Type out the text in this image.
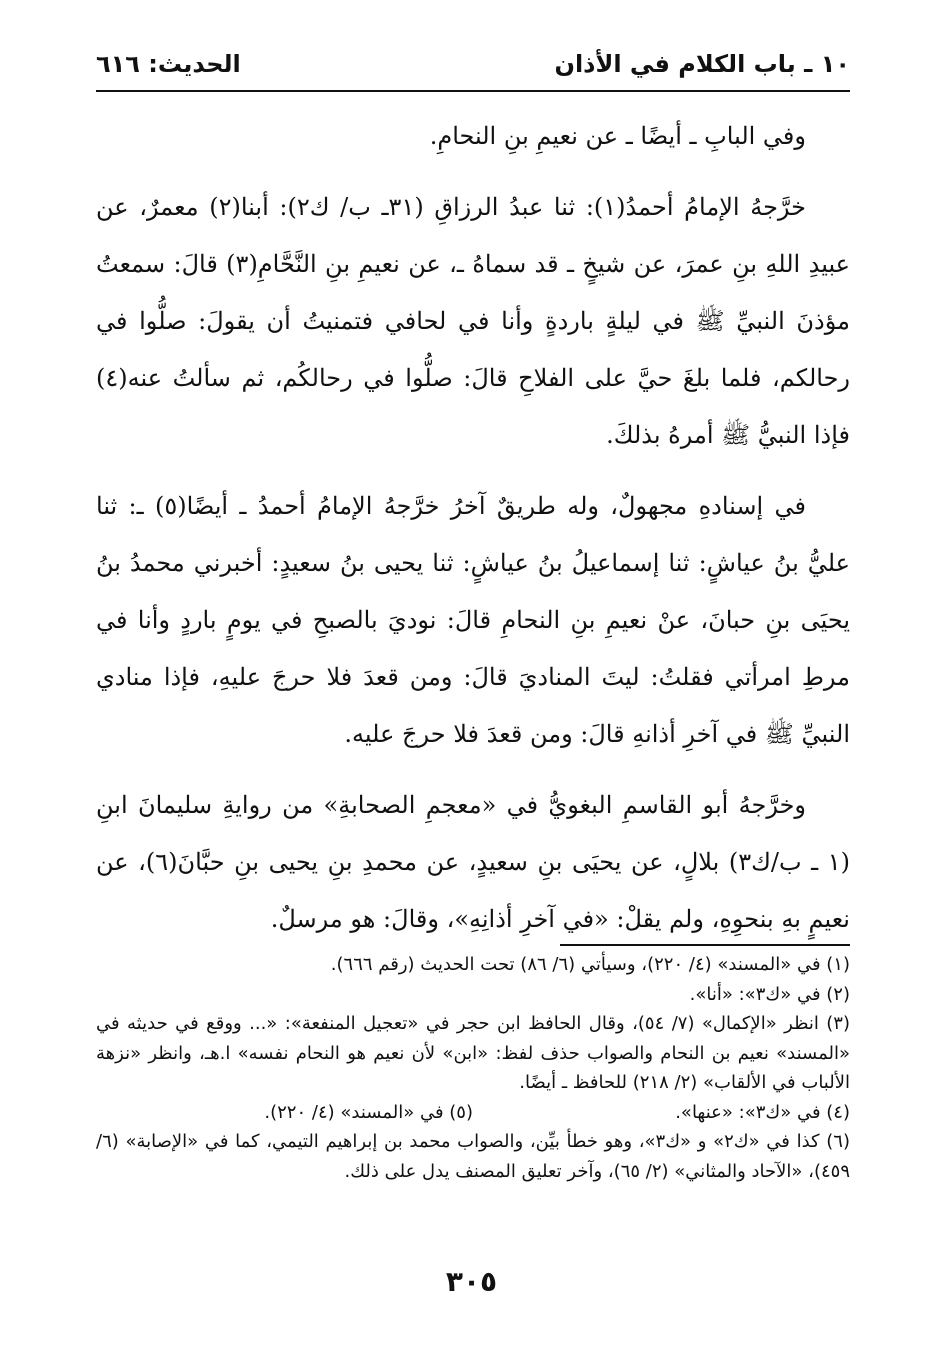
١٠ ـ باب الكلام في الأذان
الحديث: ٦١٦

وفي البابِ ـ أيضًا ـ عن نعيمِ بنِ النحامِ.

خرَّجهُ الإمامُ أحمدُ(١): ثنا عبدُ الرزاقِ (٣١ـ ب/ ك٢): أبنا(٢) معمرٌ، عن عبيدِ اللهِ بنِ عمرَ، عن شيخٍ ـ قد سماهُ ـ، عن نعيمِ بنِ النَّحَّامِ(٣) قالَ: سمعتُ مؤذنَ النبيِّ ﷺ في ليلةٍ باردةٍ وأنا في لحافي فتمنيتُ أن يقولَ: صلُّوا في رحالكم، فلما بلغَ حيَّ على الفلاحِ قالَ: صلُّوا في رحالكُم، ثم سألتُ عنه(٤) فإذا النبيُّ ﷺ أمرهُ بذلكَ.

في إسنادهِ مجهولٌ، وله طريقٌ آخرُ خرَّجهُ الإمامُ أحمدُ ـ أيضًا(٥) ـ: ثنا عليُّ بنُ عياشٍ: ثنا إسماعيلُ بنُ عياشٍ: ثنا يحيى بنُ سعيدٍ: أخبرني محمدُ بنُ يحيَى بنِ حبانَ، عنْ نعيمِ بنِ النحامِ قالَ: نوديَ بالصبحِ في يومٍ باردٍ وأنا في مرطِ امرأتي فقلتُ: ليتَ المناديَ قالَ: ومن قعدَ فلا حرجَ عليهِ، فإذا منادي النبيِّ ﷺ في آخرِ أذانهِ قالَ: ومن قعدَ فلا حرجَ عليه.

وخرَّجهُ أبو القاسمِ البغويُّ في «معجمِ الصحابةِ» من روايةِ سليمانَ ابنِ (١ ـ ب/ك٣) بلالٍ، عن يحيَى بنِ سعيدٍ، عن محمدِ بنِ يحيى بنِ حبَّانَ(٦)، عن نعيمٍ بهِ بنحوِهِ، ولم يقلْ: «في آخرِ أذانِهِ»، وقالَ: هو مرسلٌ.

(١) في «المسند» (٤/ ٢٢٠)، وسيأتي (٦/ ٨٦) تحت الحديث (رقم ٦٦٦).

(٢) في «ك٣»: «أنا».

(٣) انظر «الإكمال» (٧/ ٥٤)، وقال الحافظ ابن حجر في «تعجيل المنفعة»: «... ووقع في حديثه في «المسند» نعيم بن النحام والصواب حذف لفظ: «ابن» لأن نعيم هو النحام نفسه» ا.هـ، وانظر «نزهة الألباب في الألقاب» (٢/ ٢١٨) للحافظ ـ أيضًا.

(٤) في «ك٣»: «عنها».

(٥) في «المسند» (٤/ ٢٢٠).

(٦) كذا في «ك٢» و «ك٣»، وهو خطأ بيِّن، والصواب محمد بن إبراهيم التيمي، كما في «الإصابة» (٦/ ٤٥٩)، «الآحاد والمثاني» (٢/ ٦٥)، وآخر تعليق المصنف يدل على ذلك.

٣٠٥
